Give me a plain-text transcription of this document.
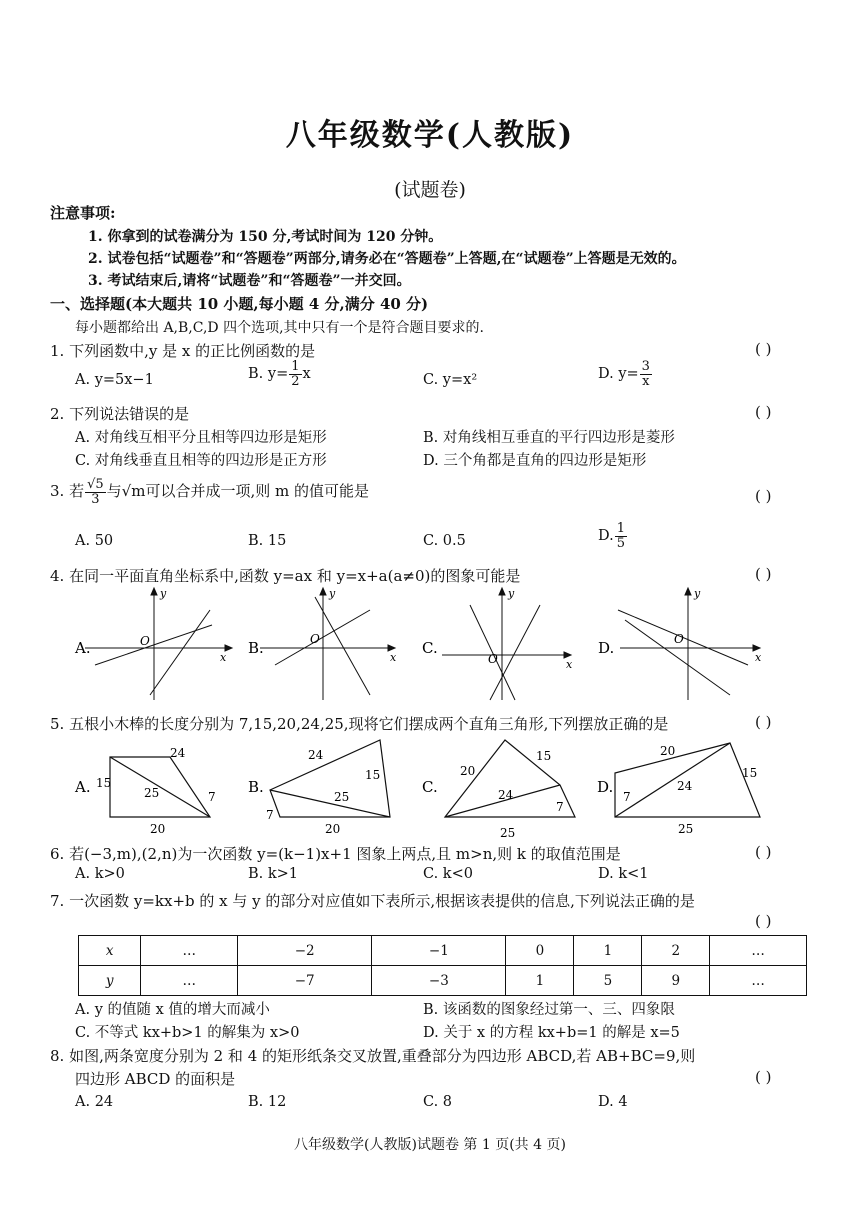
八年级数学(人教版)
(试题卷)
注意事项:
1. 你拿到的试卷满分为 150 分,考试时间为 120 分钟。
2. 试卷包括“试题卷”和“答题卷”两部分,请务必在“答题卷”上答题,在“试题卷”上答题是无效的。
3. 考试结束后,请将“试题卷”和“答题卷”一并交回。
一、选择题(本大题共 10 小题,每小题 4 分,满分 40 分)
每小题都给出 A,B,C,D 四个选项,其中只有一个是符合题目要求的.
1. 下列函数中,y 是 x 的正比例函数的是	( )
A. y=5x−1	B. $y= \frac{1}{2}$ x	C. y=x²	D. $y= \frac{3}{x}$
2. 下列说法错误的是	( )
A. 对角线互相平分且相等四边形是矩形	B. 对角线相互垂直的平行四边形是菱形
C. 对角线垂直且相等的四边形是正方形	D. 三个角都是直角的四边形是矩形
3. 若 $\frac{√5}{3}$ 与√m可以合并成一项,则 m 的值可能是	( )
A. 50	B. 15	C. 0.5	D. $\frac{1}{5}$
4. 在同一平面直角坐标系中,函数 y=ax 和 y=x+a(a≠0)的图象可能是	( )
A.
y
x
O	B.
y
x
O	C.
y
x
O
D.
y
x
O
5. 五根小木棒的长度分别为 7,15,20,24,25,现将它们摆成两个直角三角形,下列摆放正确的是	( )
A.
24
15
25	7
20
B.
24
15
25
7
20
C.
20
15
24
7
25
D.
20
15
7
24
25
6. 若(−3,m),(2,n)为一次函数 y=(k−1)x+1 图象上两点,且 m>n,则 k 的取值范围是	( )
A. k>0	B. k>1	C. k<0	D. k<1
7. 一次函数 y=kx+b 的 x 与 y 的部分对应值如下表所示,根据该表提供的信息,下列说法正确的是
( )
x	…	−2	−1	0	1	2	…
y	…	−7	−3	1	5	9	…
A. y 的值随 x 值的增大而减小	B. 该函数的图象经过第一、三、四象限
C. 不等式 kx+b>1 的解集为 x>0	D. 关于 x 的方程 kx+b=1 的解是 x=5
8. 如图,两条宽度分别为 2 和 4 的矩形纸条交叉放置,重叠部分为四边形 ABCD,若 AB+BC=9,则
四边形 ABCD 的面积是	( )
A. 24	B. 12	C. 8	D. 4
八年级数学(人教版)试题卷 第 1 页(共 4 页)
